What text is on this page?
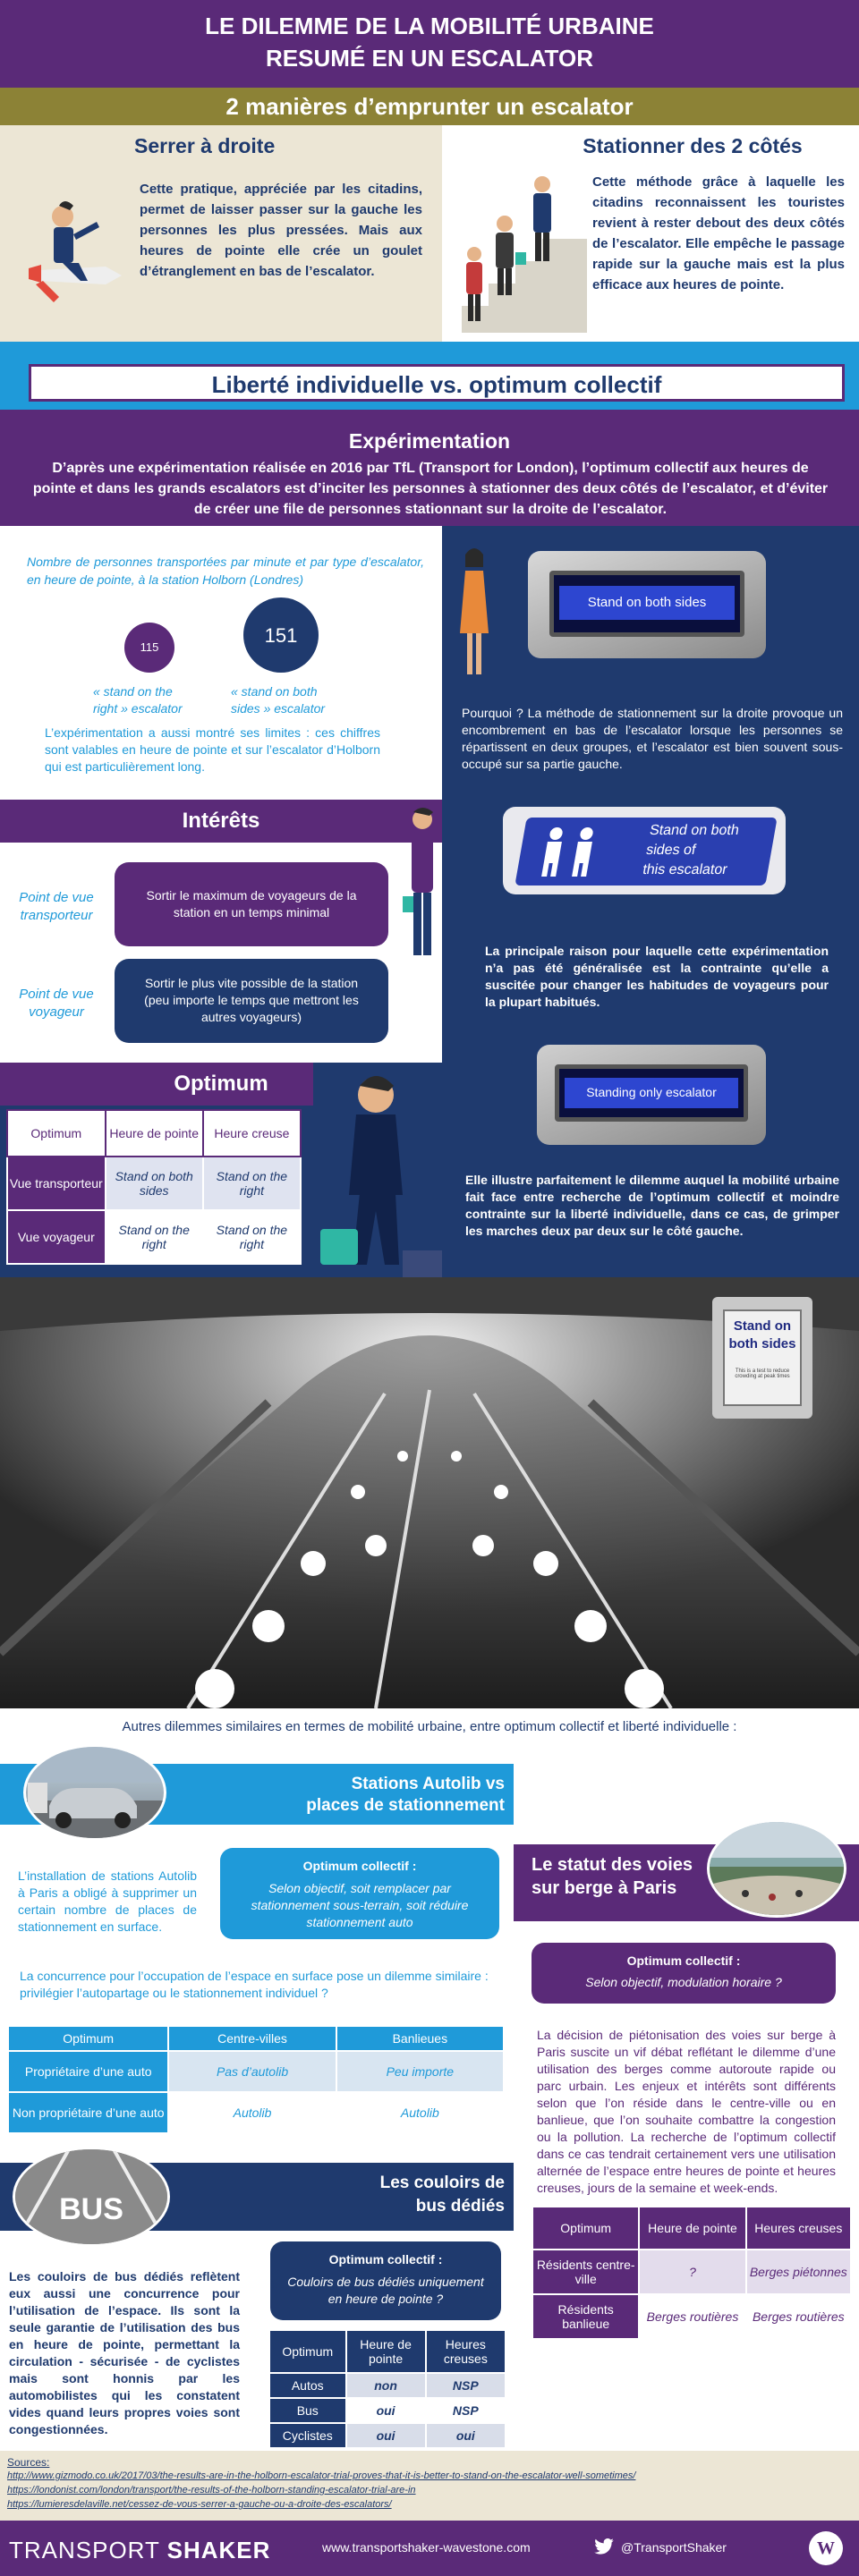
LE DILEMME DE LA MOBILITÉ URBAINE
RESUMÉ EN UN ESCALATOR
2 manières d’emprunter un escalator
Serrer à droite
Cette pratique, appréciée par les citadins, permet de laisser passer sur la gauche les personnes les plus pressées. Mais aux heures de pointe elle crée un goulet d’étranglement en bas de l’escalator.
Stationner des 2 côtés
Cette méthode grâce à laquelle les citadins reconnaissent les touristes revient à rester debout des deux côtés de l’escalator. Elle empêche le passage rapide sur la gauche mais est la plus efficace aux heures de pointe.
Liberté individuelle vs. optimum collectif
Expérimentation
D’après une expérimentation réalisée en 2016 par TfL (Transport for London), l’optimum collectif aux heures de pointe et dans les grands escalators est d’inciter les personnes à stationner des deux côtés de l’escalator, et d’éviter de créer une file de personnes stationnant sur la droite de l’escalator.
Nombre de personnes transportées par minute et par type d’escalator, en heure de pointe, à la station Holborn (Londres)
115
151
« stand on the right » escalator
« stand on both sides » escalator
L’expérimentation a aussi montré ses limites : ces chiffres sont valables en heure de pointe et sur l’escalator d’Holborn qui est particulièrement long.
Intérêts
Point de vue transporteur
Sortir le maximum de voyageurs de la station en un temps minimal
Point de vue voyageur
Sortir le plus vite possible de la station (peu importe le temps que mettront les autres voyageurs)
Optimum
Optimum	Heure de pointe	Heure creuse
Vue transporteur	Stand on both sides	Stand on the right
Vue voyageur	Stand on the right	Stand on the right
Stand on both sides
Pourquoi ? La méthode de stationnement sur la droite provoque un encombrement en bas de l’escalator lorsque les personnes se répartissent en deux groupes, et l’escalator est bien souvent sous-occupé sur sa partie gauche.
Stand on both
sides of
this escalator
La principale raison pour laquelle cette expérimentation n’a pas été généralisée est la contrainte qu’elle a suscitée pour changer les habitudes de voyageurs pour la plupart habitués.
Standing only escalator
Elle illustre parfaitement le dilemme auquel la mobilité urbaine fait face entre recherche de l’optimum collectif et moindre contrainte sur la liberté individuelle, dans ce cas, de grimper les marches deux par deux sur le côté gauche.
Stand on
both sides
This is a test to reduce crowding at peak times
Autres dilemmes similaires en termes de mobilité urbaine, entre optimum collectif et liberté individuelle :
Stations Autolib vs
places de stationnement
L’installation de stations Autolib à Paris a obligé à supprimer un certain nombre de places de stationnement en surface.
Optimum collectif :
Selon objectif, soit remplacer par stationnement sous-terrain, soit réduire stationnement auto
La concurrence pour l’occupation de l’espace en surface pose un dilemme similaire : privilégier l’autopartage ou le stationnement individuel ?
Optimum	Centre-villes	Banlieues
Propriétaire d’une auto	Pas d’autolib	Peu importe
Non propriétaire d’une auto	Autolib	Autolib
BUS
Les couloirs de
bus dédiés
Les couloirs de bus dédiés reflètent eux aussi une concurrence pour l’utilisation de l’espace. Ils sont la seule garantie de l’utilisation des bus en heure de pointe, permettant la circulation - sécurisée - de cyclistes mais sont honnis par les automobilistes qui les constatent vides quand leurs propres voies sont congestionnées.
Optimum collectif :
Couloirs de bus dédiés uniquement en heure de pointe ?
Optimum	Heure de pointe	Heures creuses
Autos	non	NSP
Bus	oui	NSP
Cyclistes	oui	oui
Le statut des voies
sur berge à Paris
Optimum collectif :
Selon objectif, modulation horaire ?
La décision de piétonisation des voies sur berge à Paris suscite un vif débat reflétant le dilemme d’une utilisation des berges comme autoroute rapide ou parc urbain. Les enjeux et intérêts sont différents selon que l’on réside dans le centre-ville ou en banlieue, que l’on souhaite combattre la congestion ou la pollution. La recherche de l’optimum collectif dans ce cas tendrait certainement vers une utilisation alternée de l’espace entre heures de pointe et heures creuses, jours de la semaine et week-ends.
Optimum	Heure de pointe	Heures creuses
Résidents centre-ville	?	Berges piétonnes
Résidents banlieue	Berges routières	Berges routières
Sources:
http://www.gizmodo.co.uk/2017/03/the-results-are-in-the-holborn-escalator-trial-proves-that-it-is-better-to-stand-on-the-escalator-well-sometimes/
https://londonist.com/london/transport/the-results-of-the-holborn-standing-escalator-trial-are-in
https://lumieresdelaville.net/cessez-de-vous-serrer-a-gauche-ou-a-droite-des-escalators/
TRANSPORT SHAKER	www.transportshaker-wavestone.com	@TransportShaker	W
